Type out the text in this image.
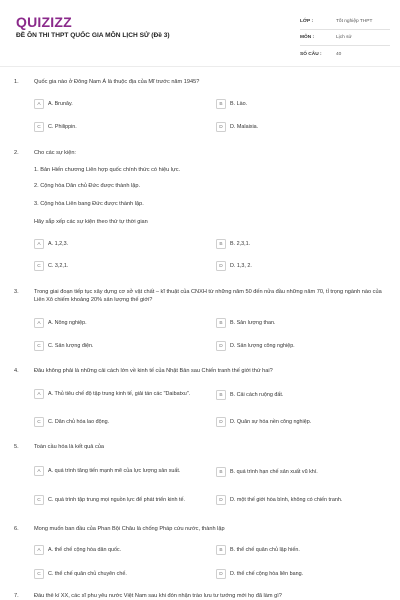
QUIZIZZ
ĐỀ ÔN THI THPT QUỐC GIA MÔN LỊCH SỬ (Đề 3)
LỚP :	Tốt nghiệp THPT
MÔN :	Lịch sử
SỐ CÂU :	40
1.	Quốc gia nào ở Đông Nam Á là thuộc địa của Mĩ trước năm 1945?
A	A. Brunây.	B	B. Lào.
C	C. Philippin.	D	D. Malaixia.
2.	Cho các sự kiện:
1. Bản Hiến chương Liên hợp quốc chính thức có hiệu lực.
2. Cộng hòa Dân chủ Đức được thành lập.
3. Cộng hòa Liên bang Đức được thành lập.
Hãy sắp xếp các sự kiện theo thứ tự thời gian
A	A. 1,2,3.	B	B. 2,3,1.
C	C. 3,2,1.	D	D. 1,3, 2.
3.	Trong giai đoạn tiếp tục xây dựng cơ sở vật chất – kĩ thuật của CNXH từ những năm 50 đến nửa đầu những năm 70, tỉ trọng ngành nào của Liên Xô chiếm khoảng 20% sản lượng thế giới?
A	A. Nông nghiệp.	B	B. Sản lượng than.
C	C. Sản lượng điện.	D	D. Sản lượng công nghiệp.
4.	Đâu không phải là những cải cách lớn về kinh tế của Nhật Bản sau Chiến tranh thế giới thứ hai?
A	A. Thủ tiêu chế độ tập trung kinh tế, giải tán các "Daibatxu".	B	B. Cải cách ruộng đất.
C	C. Dân chủ hóa lao động.	D	D. Quân sự hóa nền công nghiệp.
5.	Toàn cầu hóa là kết quả của
A	A. quá trình tăng tiến mạnh mẽ của lực lượng sản xuất.	B	B. quá trình hạn chế sản xuất vũ khí.
C	C. quá trình tập trung mọi nguồn lực để phát triển kinh tế.	D	D. một thế giới hòa bình, không có chiến tranh.
6.	Mong muốn ban đầu của Phan Bội Châu là chống Pháp cứu nước, thành lập
A	A. thể chế cộng hòa dân quốc.	B	B. thể chế quân chủ lập hiến.
C	C. thể chế quân chủ chuyên chế.	D	D. thể chế cộng hòa liên bang.
7.	Đầu thế kỉ XX, các sĩ phu yêu nước Việt Nam sau khi đón nhận trào lưu tư tưởng mới họ đã làm gì?
